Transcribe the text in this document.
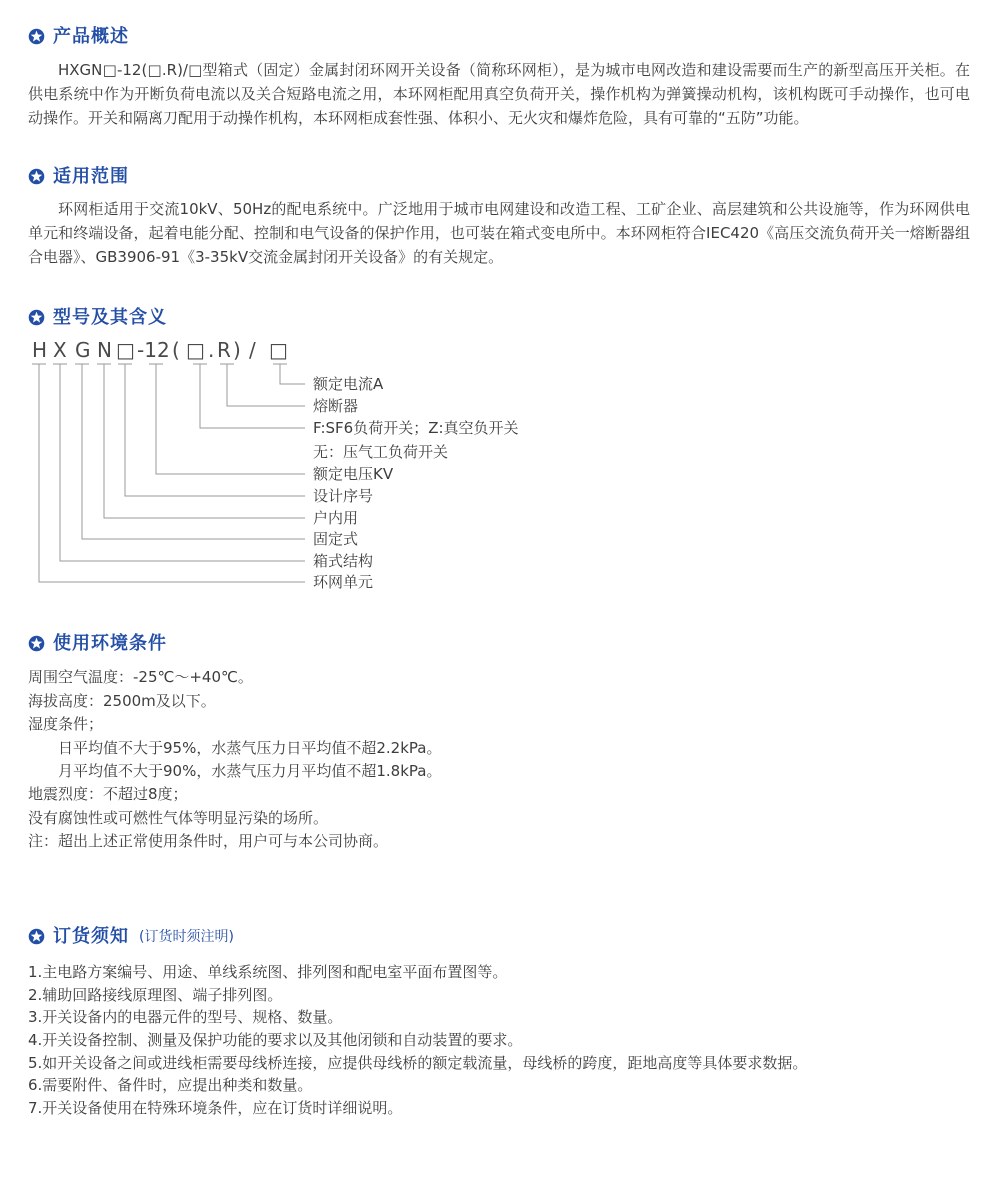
产品概述

HXGN□-12(□.R)/□型箱式（固定）金属封闭环网开关设备（简称环网柜），是为城市电网改造和建设需要而生产的新型高压开关柜。在供电系统中作为开断负荷电流以及关合短路电流之用，本环网柜配用真空负荷开关，操作机构为弹簧操动机构，该机构既可手动操作，也可电动操作。开关和隔离刀配用于动操作机构，本环网柜成套性强、体积小、无火灾和爆炸危险，具有可靠的“五防”功能。

适用范围

环网柜适用于交流10kV、50Hz的配电系统中。广泛地用于城市电网建设和改造工程、工矿企业、高层建筑和公共设施等，作为环网供电单元和终端设备，起着电能分配、控制和电气设备的保护作用，也可装在箱式变电所中。本环网柜符合IEC420《高压交流负荷开关一熔断器组合电器》、GB3906-91《3-35kV交流金属封闭开关设备》的有关规定。

型号及其含义
H X G N □ -12 ( □ . R ) / □
额定电流A
熔断器
F:SF6负荷开关；Z:真空负开关
无：压气工负荷开关
额定电压KV
设计序号
户内用
固定式
箱式结构
环网单元
使用环境条件
周围空气温度：-25℃～+40℃。
海拔高度：2500m及以下。
湿度条件；
日平均值不大于95%，水蒸气压力日平均值不超2.2kPa。
月平均值不大于90%，水蒸气压力月平均值不超1.8kPa。
地震烈度：不超过8度；
没有腐蚀性或可燃性气体等明显污染的场所。
注：超出上述正常使用条件时，用户可与本公司协商。
订货须知 (订货时须注明)
1.主电路方案编号、用途、单线系统图、排列图和配电室平面布置图等。
2.辅助回路接线原理图、端子排列图。
3.开关设备内的电器元件的型号、规格、数量。
4.开关设备控制、测量及保护功能的要求以及其他闭锁和自动装置的要求。
5.如开关设备之间或进线柜需要母线桥连接，应提供母线桥的额定载流量，母线桥的跨度，距地高度等具体要求数据。
6.需要附件、备件时，应提出种类和数量。
7.开关设备使用在特殊环境条件，应在订货时详细说明。
